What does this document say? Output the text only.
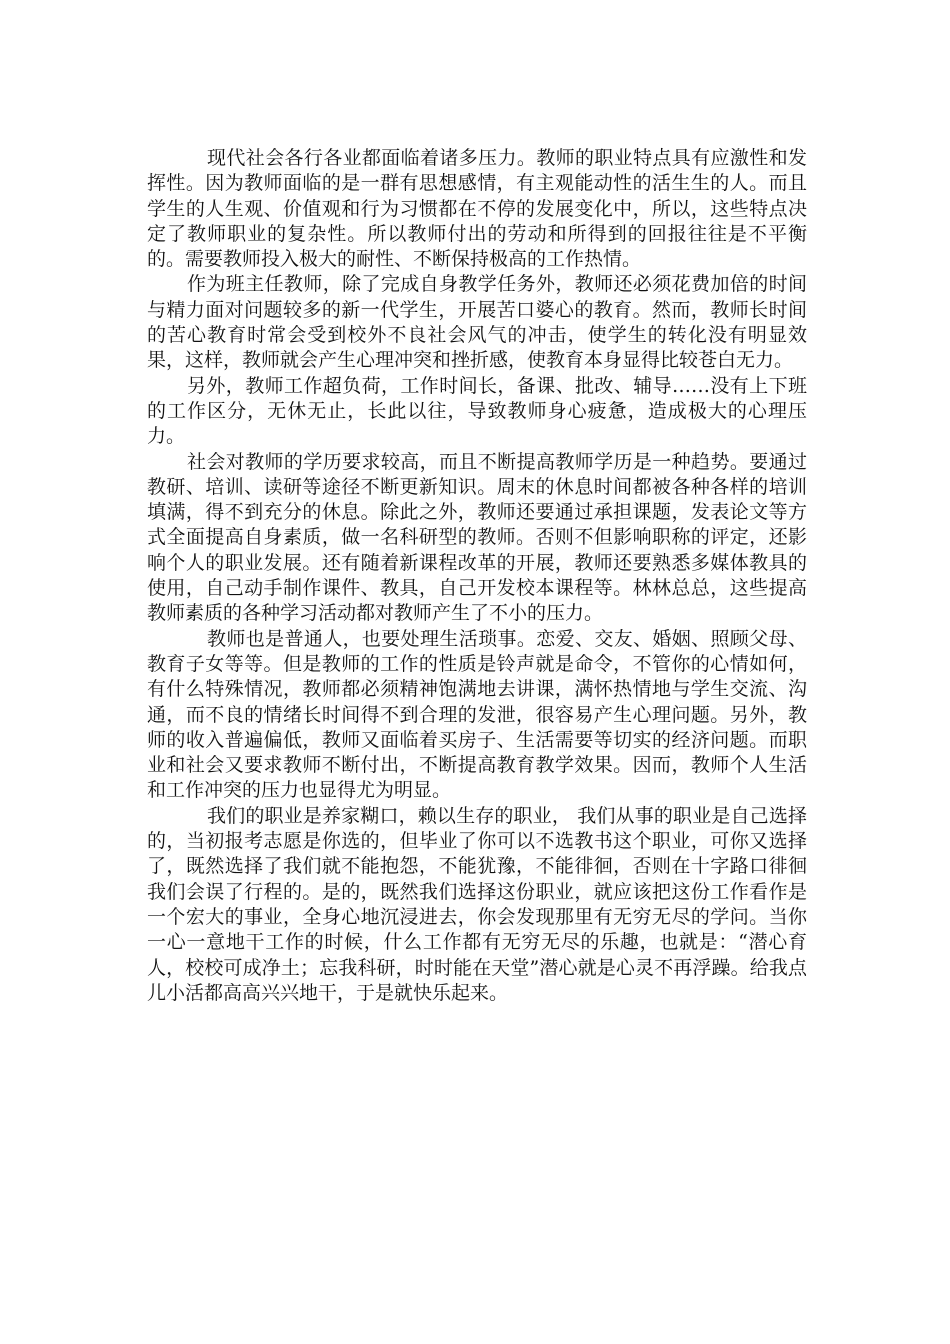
现代社会各行各业都面临着诸多压力。教师的职业特点具有应激性和发挥性。因为教师面临的是一群有思想感情，有主观能动性的活生生的人。而且学生的人生观、价值观和行为习惯都在不停的发展变化中，所以，这些特点决定了教师职业的复杂性。所以教师付出的劳动和所得到的回报往往是不平衡的。需要教师投入极大的耐性、不断保持极高的工作热情。

作为班主任教师，除了完成自身教学任务外，教师还必须花费加倍的时间与精力面对问题较多的新一代学生，开展苦口婆心的教育。然而，教师长时间的苦心教育时常会受到校外不良社会风气的冲击，使学生的转化没有明显效果，这样，教师就会产生心理冲突和挫折感，使教育本身显得比较苍白无力。

另外，教师工作超负荷，工作时间长，备课、批改、辅导……没有上下班的工作区分，无休无止，长此以往，导致教师身心疲惫，造成极大的心理压力。

社会对教师的学历要求较高，而且不断提高教师学历是一种趋势。要通过教研、培训、读研等途径不断更新知识。周末的休息时间都被各种各样的培训填满，得不到充分的休息。除此之外，教师还要通过承担课题，发表论文等方式全面提高自身素质，做一名科研型的教师。否则不但影响职称的评定，还影响个人的职业发展。还有随着新课程改革的开展，教师还要熟悉多媒体教具的使用，自己动手制作课件、教具，自己开发校本课程等。林林总总，这些提高教师素质的各种学习活动都对教师产生了不小的压力。

教师也是普通人，也要处理生活琐事。恋爱、交友、婚姻、照顾父母、教育子女等等。但是教师的工作的性质是铃声就是命令，不管你的心情如何，有什么特殊情况，教师都必须精神饱满地去讲课，满怀热情地与学生交流、沟通，而不良的情绪长时间得不到合理的发泄，很容易产生心理问题。另外，教师的收入普遍偏低，教师又面临着买房子、生活需要等切实的经济问题。而职业和社会又要求教师不断付出，不断提高教育教学效果。因而，教师个人生活和工作冲突的压力也显得尤为明显。

我们的职业是养家糊口，赖以生存的职业， 我们从事的职业是自己选择的，当初报考志愿是你选的，但毕业了你可以不选教书这个职业，可你又选择了，既然选择了我们就不能抱怨，不能犹豫，不能徘徊，否则在十字路口徘徊我们会误了行程的。是的，既然我们选择这份职业，就应该把这份工作看作是一个宏大的事业，全身心地沉浸进去，你会发现那里有无穷无尽的学问。当你一心一意地干工作的时候，什么工作都有无穷无尽的乐趣，也就是：“潜心育人，校校可成净土；忘我科研，时时能在天堂”潜心就是心灵不再浮躁。给我点儿小活都高高兴兴地干，于是就快乐起来。
